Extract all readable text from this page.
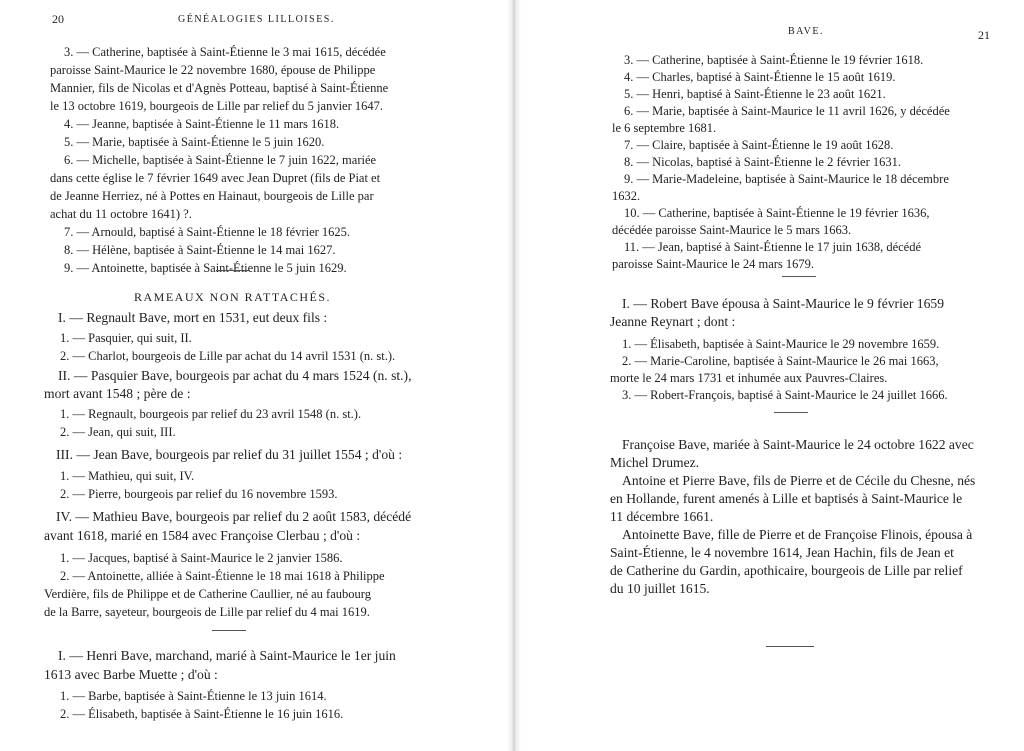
20	GÉNÉALOGIES LILLOISES.
3. — Catherine, baptisée à Saint-Étienne le 3 mai 1615, décédée
paroisse Saint-Maurice le 22 novembre 1680, épouse de Philippe
Mannier, fils de Nicolas et d'Agnès Potteau, baptisé à Saint-Étienne
le 13 octobre 1619, bourgeois de Lille par relief du 5 janvier 1647.
4. — Jeanne, baptisée à Saint-Étienne le 11 mars 1618.
5. — Marie, baptisée à Saint-Étienne le 5 juin 1620.
6. — Michelle, baptisée à Saint-Étienne le 7 juin 1622, mariée
dans cette église le 7 février 1649 avec Jean Dupret (fils de Piat et
de Jeanne Herriez, né à Pottes en Hainaut, bourgeois de Lille par
achat du 11 octobre 1641) ?.
7. — Arnould, baptisé à Saint-Étienne le 18 février 1625.
8. — Hélène, baptisée à Saint-Étienne le 14 mai 1627.
9. — Antoinette, baptisée à Saint-Étienne le 5 juin 1629.
RAMEAUX NON RATTACHÉS.
I. — Regnault Bave, mort en 1531, eut deux fils :
1. — Pasquier, qui suit, II.
2. — Charlot, bourgeois de Lille par achat du 14 avril 1531 (n. st.).
II. — Pasquier Bave, bourgeois par achat du 4 mars 1524 (n. st.),
mort avant 1548 ; père de :
1. — Regnault, bourgeois par relief du 23 avril 1548 (n. st.).
2. — Jean, qui suit, III.
III. — Jean Bave, bourgeois par relief du 31 juillet 1554 ; d'où :
1. — Mathieu, qui suit, IV.
2. — Pierre, bourgeois par relief du 16 novembre 1593.
IV. — Mathieu Bave, bourgeois par relief du 2 août 1583, décédé
avant 1618, marié en 1584 avec Françoise Clerbau ; d'où :
1. — Jacques, baptisé à Saint-Maurice le 2 janvier 1586.
2. — Antoinette, alliée à Saint-Étienne le 18 mai 1618 à Philippe
Verdière, fils de Philippe et de Catherine Caullier, né au faubourg
de la Barre, sayeteur, bourgeois de Lille par relief du 4 mai 1619.
I. — Henri Bave, marchand, marié à Saint-Maurice le 1er juin
1613 avec Barbe Muette ; d'où :
1. — Barbe, baptisée à Saint-Étienne le 13 juin 1614.
2. — Élisabeth, baptisée à Saint-Étienne le 16 juin 1616.
BAVE.	21
3. — Catherine, baptisée à Saint-Étienne le 19 février 1618.
4. — Charles, baptisé à Saint-Étienne le 15 août 1619.
5. — Henri, baptisé à Saint-Étienne le 23 août 1621.
6. — Marie, baptisée à Saint-Maurice le 11 avril 1626, y décédée
le 6 septembre 1681.
7. — Claire, baptisée à Saint-Étienne le 19 août 1628.
8. — Nicolas, baptisé à Saint-Étienne le 2 février 1631.
9. — Marie-Madeleine, baptisée à Saint-Maurice le 18 décembre
1632.
10. — Catherine, baptisée à Saint-Étienne le 19 février 1636,
décédée paroisse Saint-Maurice le 5 mars 1663.
11. — Jean, baptisé à Saint-Étienne le 17 juin 1638, décédé
paroisse Saint-Maurice le 24 mars 1679.
I. — Robert Bave épousa à Saint-Maurice le 9 février 1659
Jeanne Reynart ; dont :
1. — Élisabeth, baptisée à Saint-Maurice le 29 novembre 1659.
2. — Marie-Caroline, baptisée à Saint-Maurice le 26 mai 1663,
morte le 24 mars 1731 et inhumée aux Pauvres-Claires.
3. — Robert-François, baptisé à Saint-Maurice le 24 juillet 1666.
Françoise Bave, mariée à Saint-Maurice le 24 octobre 1622 avec
Michel Drumez.
Antoine et Pierre Bave, fils de Pierre et de Cécile du Chesne, nés
en Hollande, furent amenés à Lille et baptisés à Saint-Maurice le
11 décembre 1661.
Antoinette Bave, fille de Pierre et de Françoise Flinois, épousa à
Saint-Étienne, le 4 novembre 1614, Jean Hachin, fils de Jean et
de Catherine du Gardin, apothicaire, bourgeois de Lille par relief
du 10 juillet 1615.
